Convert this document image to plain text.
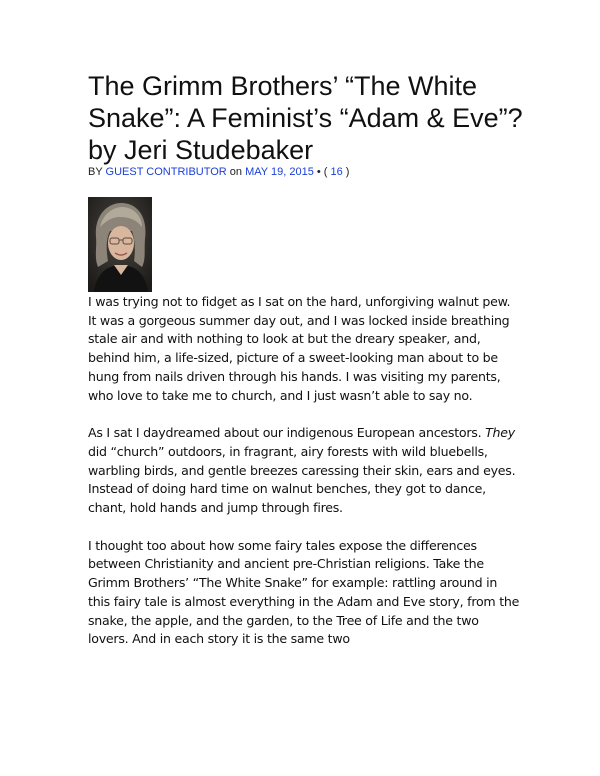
The Grimm Brothers’ “The White Snake”: A Feminist’s “Adam & Eve”? by Jeri Studebaker
BY GUEST CONTRIBUTOR on MAY 19, 2015 • ( 16 )

I was trying not to fidget as I sat on the hard, unforgiving walnut pew. It was a gorgeous summer day out, and I was locked inside breathing stale air and with nothing to look at but the dreary speaker, and, behind him, a life-sized, picture of a sweet-looking man about to be hung from nails driven through his hands. I was visiting my parents, who love to take me to church, and I just wasn’t able to say no.

As I sat I daydreamed about our indigenous European ancestors. They did “church” outdoors, in fragrant, airy forests with wild bluebells, warbling birds, and gentle breezes caressing their skin, ears and eyes. Instead of doing hard time on walnut benches, they got to dance, chant, hold hands and jump through fires.

I thought too about how some fairy tales expose the differences between Christianity and ancient pre-Christian religions. Take the Grimm Brothers’ “The White Snake” for example: rattling around in this fairy tale is almost everything in the Adam and Eve story, from the snake, the apple, and the garden, to the Tree of Life and the two lovers. And in each story it is the same two
